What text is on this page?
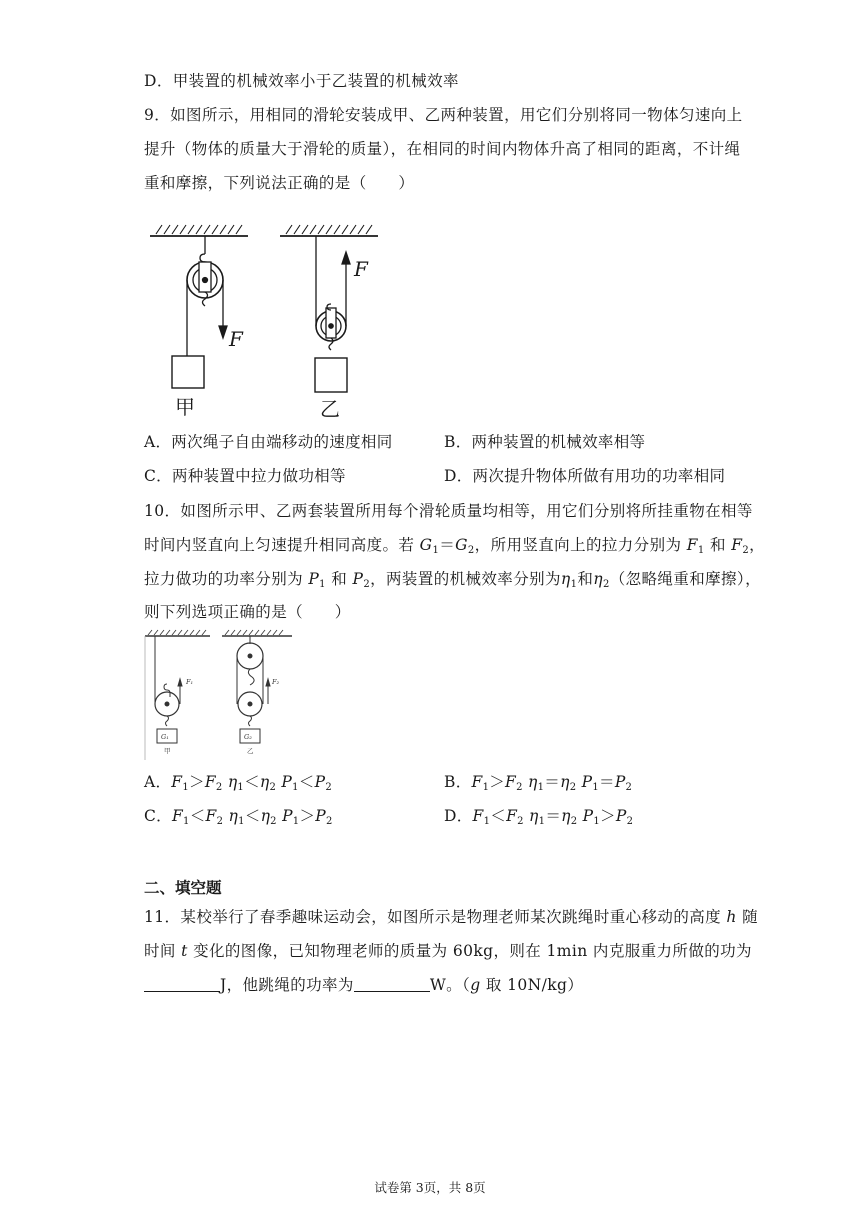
D．甲装置的机械效率小于乙装置的机械效率
9．如图所示，用相同的滑轮安装成甲、乙两种装置，用它们分别将同一物体匀速向上
提升（物体的质量大于滑轮的质量），在相同的时间内物体升高了相同的距离，不计绳
重和摩擦，下列说法正确的是（　　）
F
F
甲	乙
A．两次绳子自由端移动的速度相同	B．两种装置的机械效率相等
C．两种装置中拉力做功相等	D．两次提升物体所做有用功的功率相同
10．如图所示甲、乙两套装置所用每个滑轮质量均相等，用它们分别将所挂重物在相等
时间内竖直向上匀速提升相同高度。若 $G_1=G_2$，所用竖直向上的拉力分别为 $F_1$ 和 $F_2$，
拉力做功的功率分别为 $P_1$ 和 $P_2$，两装置的机械效率分别为$\eta_1$和$\eta_2$（忽略绳重和摩擦），
则下列选项正确的是（　　）
F₁	F₂
G₁	G₂
甲	乙
A．$F_1>F_2$ $\eta_1<\eta_2$ $P_1<P_2$	B．$F_1>F_2$ $\eta_1=\eta_2$ $P_1=P_2$
C．$F_1<F_2$ $\eta_1<\eta_2$ $P_1>P_2$	D．$F_1<F_2$ $\eta_1=\eta_2$ $P_1>P_2$
二、填空题
11．某校举行了春季趣味运动会，如图所示是物理老师某次跳绳时重心移动的高度 h 随
时间 t 变化的图像，已知物理老师的质量为 60kg，则在 1min 内克服重力所做的功为
J，他跳绳的功率为	W。（g 取 10N/kg）
试卷第 3页，共 8页
